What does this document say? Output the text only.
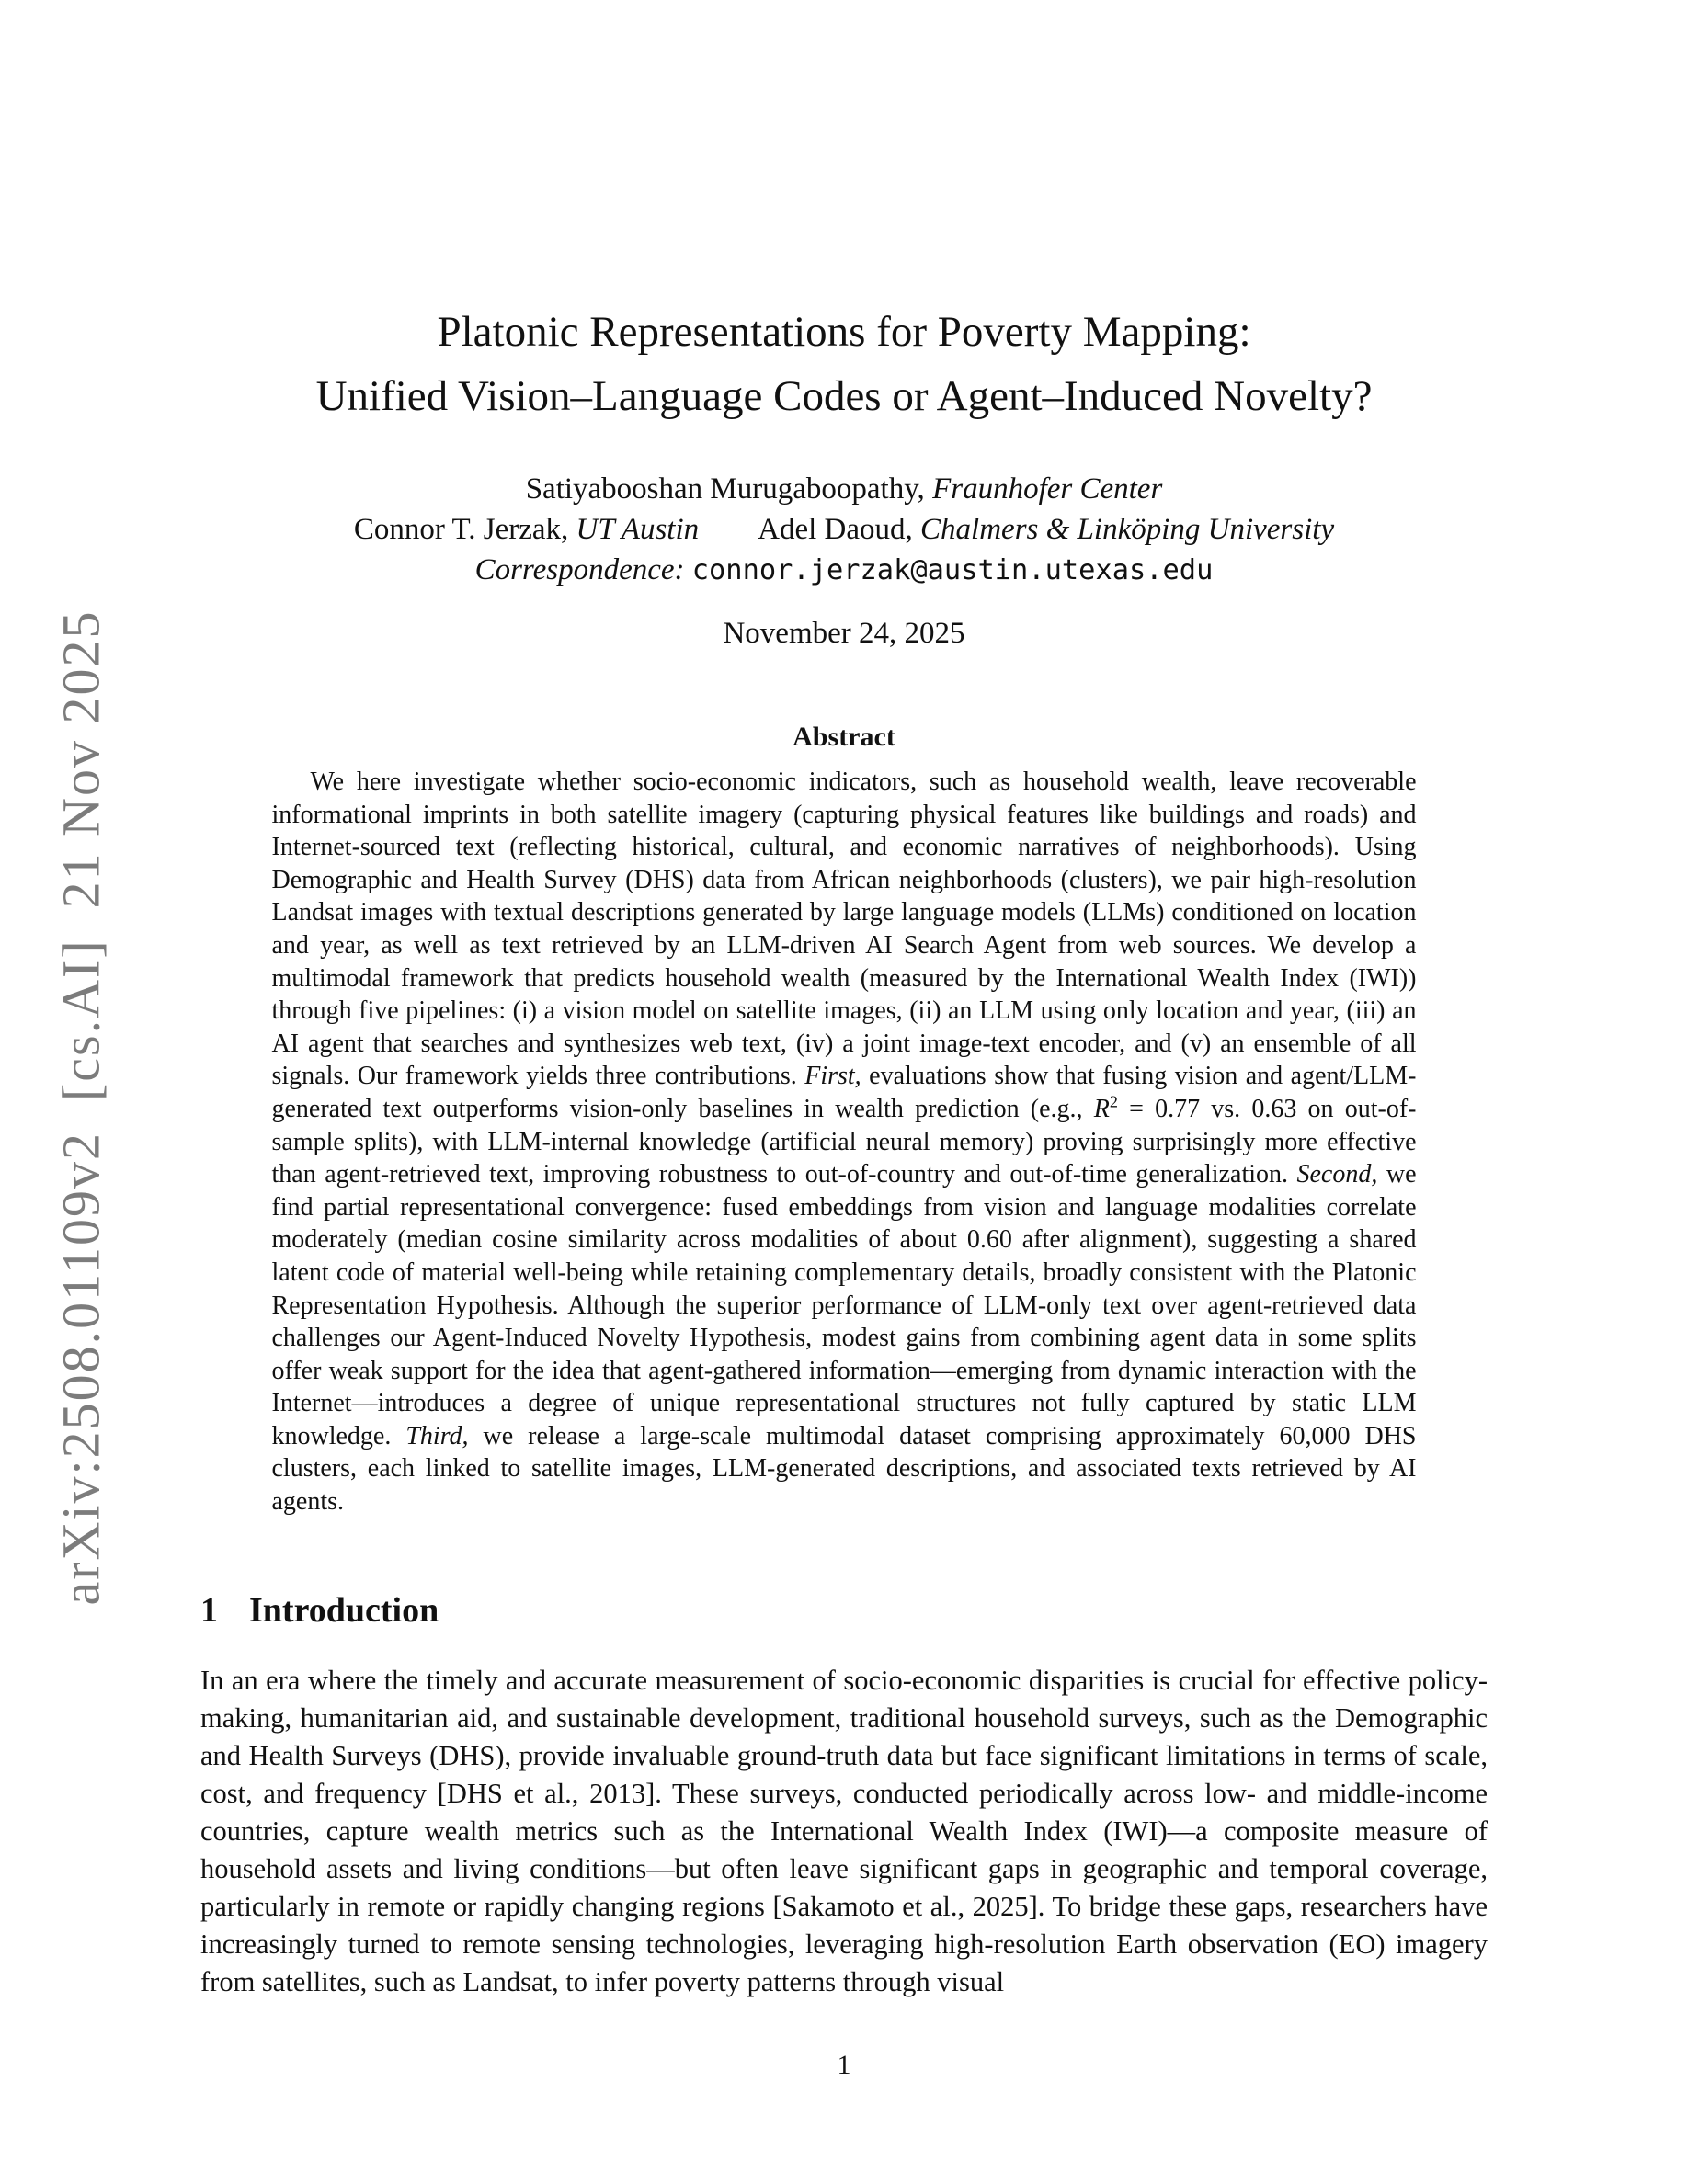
arXiv:2508.01109v2  [cs.AI]  21 Nov 2025
Platonic Representations for Poverty Mapping:
Unified Vision–Language Codes or Agent–Induced Novelty?
Satiyabooshan Murugaboopathy, Fraunhofer Center
Connor T. Jerzak, UT Austin Adel Daoud, Chalmers & Linköping University
Correspondence: connor.jerzak@austin.utexas.edu
November 24, 2025
Abstract

We here investigate whether socio-economic indicators, such as household wealth, leave recoverable informational imprints in both satellite imagery (capturing physical features like buildings and roads) and Internet-sourced text (reflecting historical, cultural, and economic narratives of neighborhoods). Using Demographic and Health Survey (DHS) data from African neighborhoods (clusters), we pair high-resolution Landsat images with textual descriptions generated by large language models (LLMs) conditioned on location and year, as well as text retrieved by an LLM-driven AI Search Agent from web sources. We develop a multimodal framework that predicts household wealth (measured by the International Wealth Index (IWI)) through five pipelines: (i) a vision model on satellite images, (ii) an LLM using only location and year, (iii) an AI agent that searches and synthesizes web text, (iv) a joint image-text encoder, and (v) an ensemble of all signals. Our framework yields three contributions. First, evaluations show that fusing vision and agent/LLM-generated text outperforms vision-only baselines in wealth prediction (e.g., $R^2 = 0.77$ vs. 0.63 on out-of-sample splits), with LLM-internal knowledge (artificial neural memory) proving surprisingly more effective than agent-retrieved text, improving robustness to out-of-country and out-of-time generalization. Second, we find partial representational convergence: fused embeddings from vision and language modalities correlate moderately (median cosine similarity across modalities of about 0.60 after alignment), suggesting a shared latent code of material well-being while retaining complementary details, broadly consistent with the Platonic Representation Hypothesis. Although the superior performance of LLM-only text over agent-retrieved data challenges our Agent-Induced Novelty Hypothesis, modest gains from combining agent data in some splits offer weak support for the idea that agent-gathered information—emerging from dynamic interaction with the Internet—introduces a degree of unique representational structures not fully captured by static LLM knowledge. Third, we release a large-scale multimodal dataset comprising approximately 60,000 DHS clusters, each linked to satellite images, LLM-generated descriptions, and associated texts retrieved by AI agents.

1 Introduction

In an era where the timely and accurate measurement of socio-economic disparities is crucial for effective policy-making, humanitarian aid, and sustainable development, traditional household surveys, such as the Demographic and Health Surveys (DHS), provide invaluable ground-truth data but face significant limitations in terms of scale, cost, and frequency [DHS et al., 2013]. These surveys, conducted periodically across low- and middle-income countries, capture wealth metrics such as the International Wealth Index (IWI)—a composite measure of household assets and living conditions—but often leave significant gaps in geographic and temporal coverage, particularly in remote or rapidly changing regions [Sakamoto et al., 2025]. To bridge these gaps, researchers have increasingly turned to remote sensing technologies, leveraging high-resolution Earth observation (EO) imagery from satellites, such as Landsat, to infer poverty patterns through visual

1
